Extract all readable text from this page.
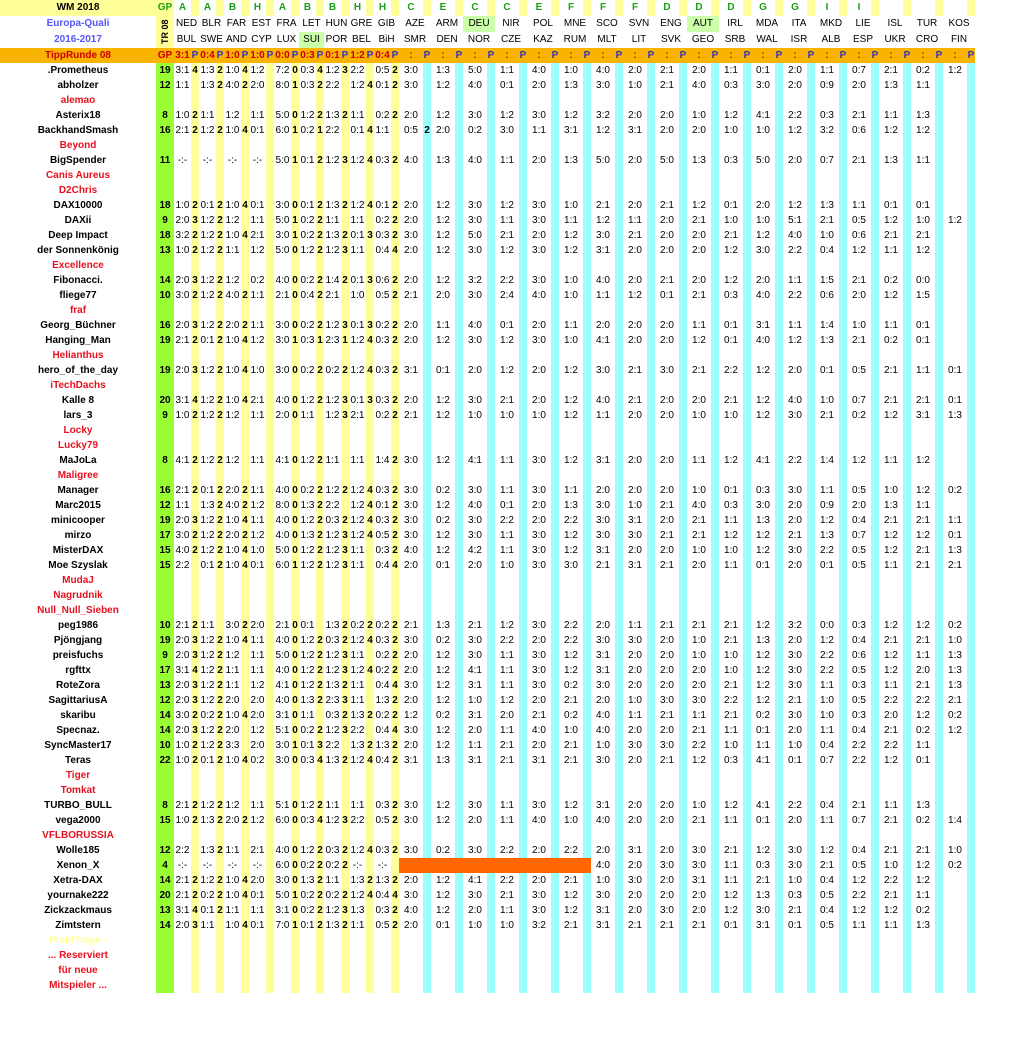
WM 2018	GP	A		A		B		H		A		B		B		H		H		C		E		C		C		E		F		F		F		D		D		D		G		G		I		I								
Europa-Quali	TR 08	NED		BLR		FAR		EST		FRA		LET		HUN		GRE		GIB		AZE		ARM		DEU		NIR		POL		MNE		SCO		SVN		ENG		AUT		IRL		MDA		ITA		MKD		LIE		ISL		TUR		KOS		
2016-2017		BUL		SWE		AND		CYP		LUX		SUI		POR		BEL		BiH		SMR		DEN		NOR		CZE		KAZ		RUM		MLT		LIT		SVK		GEO		SRB		WAL		ISR		ALB		ESP		UKR		CRO		FIN		
TippRunde 08	GP	3:1	P	0:4	P	1:0	P	1:0	P	0:0	P	0:3	P	0:1	P	1:2	P	0:4	P	:	P	:	P	:	P	:	P	:	P	:	P	:	P	:	P	:	P	:	P	:	P	:	P	:	P	:	P	:	P	:	P	:	P	:	P				
.Prometheus	19	3:1	4	1:3	2	1:0	4	1:2		7:2	0	0:3	4	1:2	3	2:2		0:5	2	3:0		1:3		5:0		1:1		4:0		1:0		4:0		2:0		2:1		2:0		1:1		0:1		2:0		1:1		0:7		2:1		0:2		1:2		
abholzer	12	1:1		1:3	2	4:0	2	2:0		8:0	1	0:3	2	2:2		1:2	4	0:1	2	3:0		1:2		4:0		0:1		2:0		1:3		3:0		1:0		2:1		4:0		0:3		3:0		2:0		0:9		2:0		1:3		1:1				
alemao																																																								
Asterix18	8	1:0	2	1:1		1:2		1:1		5:0	0	1:2	2	1:3	2	1:1		0:2	2	2:0		1:2		3:0		1:2		3:0		1:2		3:2		2:0		2:0		1:0		1:2		4:1		2:2		0:3		2:1		1:1		1:3				
BackhandSmash	16	2:1	2	1:2	2	1:0	4	0:1		6:0	1	0:2	1	2:2		0:1	4	1:1		0:5	2	2:0		0:2		3:0		1:1		3:1		1:2		3:1		2:0		2:0		1:0		1:0		1:2		3:2		0:6		1:2		1:2				
Beyond																																																								
BigSpender	11	-:-		-:-		-:-		-:-		5:0	1	0:1	2	1:2	3	1:2	4	0:3	2	4:0		1:3		4:0		1:1		2:0		1:3		5:0		2:0		5:0		1:3		0:3		5:0		2:0		0:7		2:1		1:3		1:1				
Canis Aureus																																																								
D2Chris																																																								
DAX10000	18	1:0	2	0:1	2	1:0	4	0:1		3:0	0	0:1	2	1:3	2	1:2	4	0:1	2	2:0		1:2		3:0		1:2		3:0		1:0		2:1		2:0		2:1		1:2		0:1		2:0		1:2		1:3		1:1		0:1		0:1				
DAXii	9	2:0	3	1:2	2	1:2		1:1		5:0	1	0:2	2	1:1		1:1		0:2	2	2:0		1:2		3:0		1:1		3:0		1:1		1:2		1:1		2:0		2:1		1:0		1:0		5:1		2:1		0:5		1:2		1:0		1:2		
Deep Impact	18	3:2	2	1:2	2	1:0	4	2:1		3:0	1	0:2	2	1:3	2	0:1	3	0:3	2	3:0		1:2		5:0		2:1		2:0		1:2		3:0		2:1		2:0		2:0		2:1		1:2		4:0		1:0		0:6		2:1		2:1				
der Sonnenkönig	13	1:0	2	1:2	2	1:1		1:2		5:0	0	1:2	2	1:2	3	1:1		0:4	4	2:0		1:2		3:0		1:2		3:0		1:2		3:1		2:0		2:0		2:0		1:2		3:0		2:2		0:4		1:2		1:1		1:2				
Excellence																																																								
Fibonacci.	14	2:0	3	1:2	2	1:2		0:2		4:0	0	0:2	2	1:4	2	0:1	3	0:6	2	2:0		1:2		3:2		2:2		3:0		1:0		4:0		2:0		2:1		2:0		1:2		2:0		1:1		1:5		2:1		0:2		0:0				
fliege77	10	3:0	2	1:2	2	4:0	2	1:1		2:1	0	0:4	2	2:1		1:0		0:5	2	2:1		2:0		3:0		2:4		4:0		1:0		1:1		1:2		0:1		2:1		0:3		4:0		2:2		0:6		2:0		1:2		1:5				
fraf																																																								
Georg_Büchner	16	2:0	3	1:2	2	2:0	2	1:1		3:0	0	0:2	2	1:2	3	0:1	3	0:2	2	2:0		1:1		4:0		0:1		2:0		1:1		2:0		2:0		2:0		1:1		0:1		3:1		1:1		1:4		1:0		1:1		0:1				
Hanging_Man	19	2:1	2	0:1	2	1:0	4	1:2		3:0	1	0:3	1	2:3	1	1:2	4	0:3	2	2:0		1:2		3:0		1:2		3:0		1:0		4:1		2:0		2:0		1:2		0:1		4:0		1:2		1:3		2:1		0:2		0:1				
Helianthus																																																								
hero_of_the_day	19	2:0	3	1:2	2	1:0	4	1:0		3:0	0	0:2	2	0:2	2	1:2	4	0:3	2	3:1		0:1		2:0		1:2		2:0		1:2		3:0		2:1		3:0		2:1		2:2		1:2		2:0		0:1		0:5		2:1		1:1		0:1		
iTechDachs																																																								
Kalle 8	20	3:1	4	1:2	2	1:0	4	2:1		4:0	0	1:2	2	1:2	3	0:1	3	0:3	2	2:0		1:2		3:0		2:1		2:0		1:2		4:0		2:1		2:0		2:0		2:1		1:2		4:0		1:0		0:7		2:1		2:1		0:1		
lars_3	9	1:0	2	1:2	2	1:2		1:1		2:0	0	1:1		1:2	3	2:1		0:2	2	2:1		1:2		1:0		1:0		1:0		1:2		1:1		2:0		2:0		1:0		1:0		1:2		3:0		2:1		0:2		1:2		3:1		1:3		
Locky																																																								
Lucky79																																																								
MaJoLa	8	4:1	2	1:2	2	1:2		1:1		4:1	0	1:2	2	1:1		1:1		1:4	2	3:0		1:2		4:1		1:1		3:0		1:2		3:1		2:0		2:0		1:1		1:2		4:1		2:2		1:4		1:2		1:1		1:2				
Maligree																																																								
Manager	16	2:1	2	0:1	2	2:0	2	1:1		4:0	0	0:2	2	1:2	2	1:2	4	0:3	2	3:0		0:2		3:0		1:1		3:0		1:1		2:0		2:0		2:0		1:0		0:1		0:3		3:0		1:1		0:5		1:0		1:2		0:2		
Marc2015	12	1:1		1:3	2	4:0	2	1:2		8:0	0	1:3	2	2:2		1:2	4	0:1	2	3:0		1:2		4:0		0:1		2:0		1:3		3:0		1:0		2:1		4:0		0:3		3:0		2:0		0:9		2:0		1:3		1:1				
minicooper	19	2:0	3	1:2	2	1:0	4	1:1		4:0	0	1:2	2	0:3	2	1:2	4	0:3	2	3:0		0:2		3:0		2:2		2:0		2:2		3:0		3:1		2:0		2:1		1:1		1:3		2:0		1:2		0:4		2:1		2:1		1:1		
mirzo	17	3:0	2	1:2	2	2:0	2	1:2		4:0	0	1:3	2	1:2	3	1:2	4	0:5	2	3:0		1:2		3:0		1:1		3:0		1:2		3:0		3:0		2:1		2:1		1:2		1:2		2:1		1:3		0:7		1:2		1:2		0:1		
MisterDAX	15	4:0	2	1:2	2	1:0	4	1:0		5:0	0	1:2	2	1:2	3	1:1		0:3	2	4:0		1:2		4:2		1:1		3:0		1:2		3:1		2:0		2:0		1:0		1:0		1:2		3:0		2:2		0:5		1:2		2:1		1:3		
Moe Szyslak	15	2:2		0:1	2	1:0	4	0:1		6:0	1	1:2	2	1:2	3	1:1		0:4	4	2:0		0:1		2:0		1:0		3:0		3:0		2:1		3:1		2:1		2:0		1:1		0:1		2:0		0:1		0:5		1:1		2:1		2:1		
MudaJ																																																								
Nagrudnik																																																								
Null_Null_Sieben																																																								
peg1986	10	2:1	2	1:1		3:0	2	2:0		2:1	0	0:1		1:3	2	0:2	2	0:2	2	2:1		1:3		2:1		1:2		3:0		2:2		2:0		1:1		2:1		2:1		2:1		1:2		3:2		0:0		0:3		1:2		1:2		0:2		
Pjöngjang	19	2:0	3	1:2	2	1:0	4	1:1		4:0	0	1:2	2	0:3	2	1:2	4	0:3	2	3:0		0:2		3:0		2:2		2:0		2:2		3:0		3:0		2:0		1:0		2:1		1:3		2:0		1:2		0:4		2:1		2:1		1:0		
preisfuchs	9	2:0	3	1:2	2	1:2		1:1		5:0	0	1:2	2	1:2	3	1:1		0:2	2	2:0		1:2		3:0		1:1		3:0		1:2		3:1		2:0		2:0		1:0		1:0		1:2		3:0		2:2		0:6		1:2		1:1		1:3		
rgfttx	17	3:1	4	1:2	2	1:1		1:1		4:0	0	1:2	2	1:2	3	1:2	4	0:2	2	2:0		1:2		4:1		1:1		3:0		1:2		3:1		2:0		2:0		2:0		1:0		1:2		3:0		2:2		0:5		1:2		2:0		1:3		
RoteZora	13	2:0	3	1:2	2	1:1		1:2		4:1	0	1:2	2	1:3	2	1:1		0:4	4	3:0		1:2		3:1		1:1		3:0		0:2		3:0		2:0		2:0		2:0		2:1		1:2		3:0		1:1		0:3		1:1		2:1		1:3		
SagittariusA	12	2:0	3	1:2	2	2:0		2:0		4:0	0	1:3	2	2:3	3	1:1		1:3	2	2:0		1:2		1:0		1:2		2:0		2:1		2:0		1:0		3:0		3:0		2:2		1:2		2:1		1:0		0:5		2:2		2:2		2:1		
skaribu	14	3:0	2	0:2	2	1:0	4	2:0		3:1	0	1:1		0:3	2	1:3	2	0:2	2	1:2		0:2		3:1		2:0		2:1		0:2		4:0		1:1		2:1		1:1		2:1		0:2		3:0		1:0		0:3		2:0		1:2		0:2		
Specnaz.	14	2:0	3	1:2	2	2:0		1:2		5:1	0	0:2	2	1:2	3	2:2		0:4	4	3:0		1:2		2:0		1:1		4:0		1:0		4:0		2:0		2:0		2:1		1:1		0:1		2:0		1:1		0:4		2:1		0:2		1:2		
SyncMaster17	10	1:0	2	1:2	2	3:3		2:0		3:0	1	0:1	3	2:2		1:3	2	1:3	2	2:0		1:2		1:1		2:1		2:0		2:1		1:0		3:0		3:0		2:2		1:0		1:1		1:0		0:4		2:2		2:2		1:1				
Teras	22	1:0	2	0:1	2	1:0	4	0:2		3:0	0	0:3	4	1:3	2	1:2	4	0:4	2	3:1		1:3		3:1		2:1		3:1		2:1		3:0		2:0		2:1		1:2		0:3		4:1		0:1		0:7		2:2		1:2		0:1				
Tiger																																																								
Tomkat																																																								
TURBO_BULL	8	2:1	2	1:2	2	1:2		1:1		5:1	0	1:2	2	1:1		1:1		0:3	2	3:0		1:2		3:0		1:1		3:0		1:2		3:1		2:0		2:0		1:0		1:2		4:1		2:2		0:4		2:1		1:1		1:3				
vega2000	15	1:0	2	1:3	2	2:0	2	1:2		6:0	0	0:3	4	1:2	3	2:2		0:5	2	3:0		1:2		2:0		1:1		4:0		1:0		4:0		2:0		2:0		2:1		1:1		0:1		2:0		1:1		0:7		2:1		0:2		1:4		
VFLBORUSSIA																																																								
Wolle185	12	2:2		1:3	2	1:1		2:1		4:0	0	1:2	2	0:3	2	1:2	4	0:3	2	3:0		0:2		3:0		2:2		2:0		2:2		2:0		3:1		2:0		3:0		2:1		1:2		3:0		1:2		0:4		2:1		2:1		1:0		
Xenon_X	4	-:-		-:-		-:-		-:-		6:0	0	0:2	2	0:2	2	-:-		-:-														4:0		2:0		3:0		3:0		1:1		0:3		3:0		2:1		0:5		1:0		1:2		0:2		
Xetra-DAX	14	2:1	2	1:2	2	1:0	4	2:0		3:0	0	1:3	2	1:1		1:3	2	1:3	2	2:0		1:2		4:1		2:2		2:0		2:1		1:0		3:0		2:0		3:1		1:1		2:1		1:0		0:4		1:2		2:2		1:2				
yournake222	20	2:1	2	0:2	2	1:0	4	0:1		5:0	1	0:2	2	0:2	2	1:2	4	0:4	4	3:0		1:2		3:0		2:1		3:0		1:2		3:0		2:0		2:0		2:0		1:2		1:3		0:3		0:5		2:2		2:1		1:1				
Zickzackmaus	13	3:1	4	0:1	2	1:1		1:1		3:1	0	0:2	2	1:2	3	1:3		0:3	2	4:0		1:2		2:0		1:1		3:0		1:2		3:1		2:0		3:0		2:0		1:2		3:0		2:1		0:4		1:2		1:2		0:2				
Zimtstern	14	2:0	3	1:1		1:0	4	0:1		7:0	1	0:1	2	1:3	2	1:1		0:5	2	2:0		0:1		1:0		1:0		3:2		2:1		3:1		2:1		2:1		2:1		0:1		3:1		0:1		0:5		1:1		1:1		1:3				
Prakt?loge -																																																								
... Reserviert																																																								
für neue																																																								
Mitspieler ...																																																								
